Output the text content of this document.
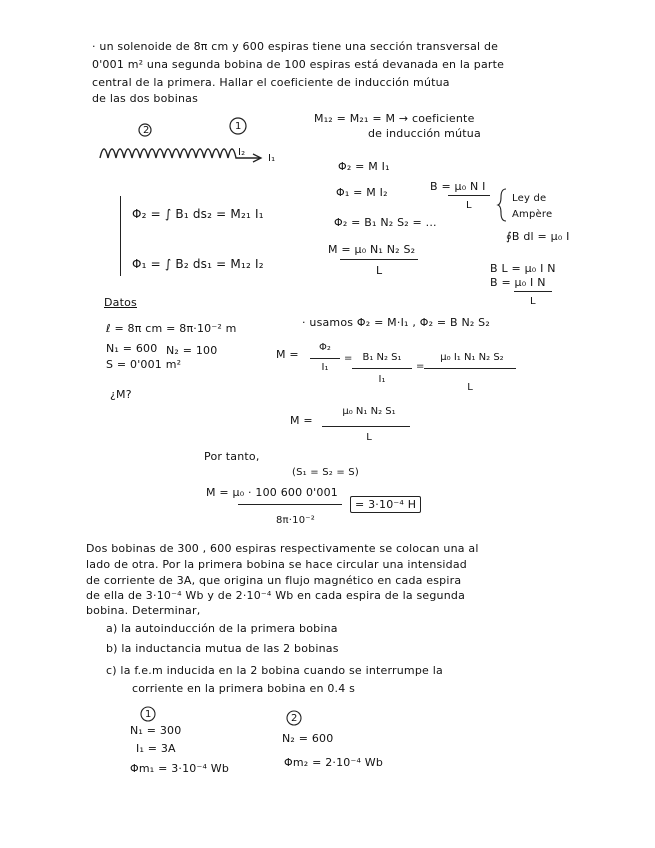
· un solenoide de 8π cm y 600 espiras tiene una sección transversal de
0'001 m² una segunda bobina de 100 espiras está devanada en la parte
central de la primera. Hallar el coeficiente de inducción mútua
de las dos bobinas
2	1
I₂
I₁
M₁₂ = M₂₁ = M → coeficiente
de inducción mútua
Φ₂ = ∫ B₁ ds₂ = M₂₁ I₁
Φ₁ = ∫ B₂ ds₁ = M₁₂ I₂
Φ₂ = M I₁
Φ₁ = M I₂
Φ₂ = B₁ N₂ S₂ = ...
M = μ₀ N₁ N₂ S₂
L
B = μ₀ N I
L
Ley de
Ampère
∮B dl = μ₀ I
B L = μ₀ I N
B = μ₀ I N
L
Datos
ℓ = 8π cm = 8π·10⁻² m
N₁ = 600 N₂ = 100
S = 0'001 m²
¿M?
· usamos Φ₂ = M·I₁ , Φ₂ = B N₂ S₂
M =
Φ₂
I₁
= B₁ N₂ S₁
I₁
=
μ₀ I₁ N₁ N₂ S₂
L
M =
μ₀ N₁ N₂ S₁
L
Por tanto,
(S₁ = S₂ = S)
M = μ₀ · 100 600 0'001
8π·10⁻²
= 3·10⁻⁴ H
Dos bobinas de 300 , 600 espiras respectivamente se colocan una al
lado de otra. Por la primera bobina se hace circular una intensidad
de corriente de 3A, que origina un flujo magnético en cada espira
de ella de 3·10⁻⁴ Wb y de 2·10⁻⁴ Wb en cada espira de la segunda
bobina. Determinar,
a) la autoinducción de la primera bobina
b) la inductancia mutua de las 2 bobinas
c) la f.e.m inducida en la 2 bobina cuando se interrumpe la
corriente en la primera bobina en 0.4 s
1	2
N₁ = 300
I₁ = 3A
Φm₁ = 3·10⁻⁴ Wb
N₂ = 600
Φm₂ = 2·10⁻⁴ Wb
